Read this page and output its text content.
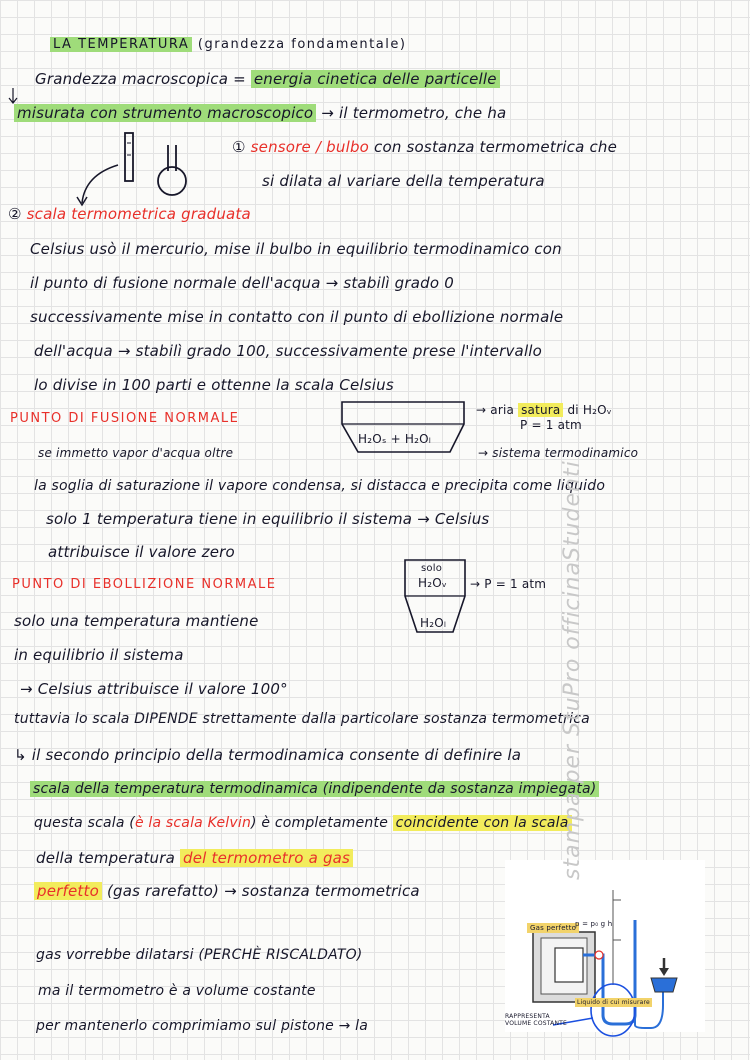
LA TEMPERATURA (grandezza fondamentale)
Grandezza macroscopica = energia cinetica delle particelle
misurata con strumento macroscopico → il termometro, che ha
① sensore / bulbo con sostanza termometrica che
si dilata al variare della temperatura
② scala termometrica graduata
Celsius usò il mercurio, mise il bulbo in equilibrio termodinamico con
il punto di fusione normale dell'acqua → stabilì grado 0
successivamente mise in contatto con il punto di ebollizione normale
dell'acqua → stabilì grado 100, successivamente prese l'intervallo
lo divise in 100 parti e ottenne la scala Celsius
PUNTO DI FUSIONE NORMALE
H₂Oₛ + H₂Oₗ
→ aria satura di H₂Oᵥ
P = 1 atm
se immetto vapor d'acqua oltre	→ sistema termodinamico
la soglia di saturazione il vapore condensa, si distacca e precipita come liquido
solo 1 temperatura tiene in equilibrio il sistema → Celsius
attribuisce il valore zero
PUNTO DI EBOLLIZIONE NORMALE
solo
H₂Oᵥ
H₂Oₗ
→ P = 1 atm
solo una temperatura mantiene
in equilibrio il sistema
→ Celsius attribuisce il valore 100°
tuttavia lo scala DIPENDE strettamente dalla particolare sostanza termometrica
↳ il secondo principio della termodinamica consente di definire la
scala della temperatura termodinamica (indipendente da sostanza impiegata)
questa scala (è la scala Kelvin) è completamente coincidente con la scala
della temperatura del termometro a gas
perfetto (gas rarefatto) → sostanza termometrica
gas vorrebbe dilatarsi (PERCHÈ RISCALDATO)
ma il termometro è a volume costante
per mantenerlo comprimiamo sul pistone → la
Gas perfetto
p = p₀ g h
Liquido di cui misurare
RAPPRESENTA VOLUME COSTANTE
stampa per StuPro officinaStudenti
